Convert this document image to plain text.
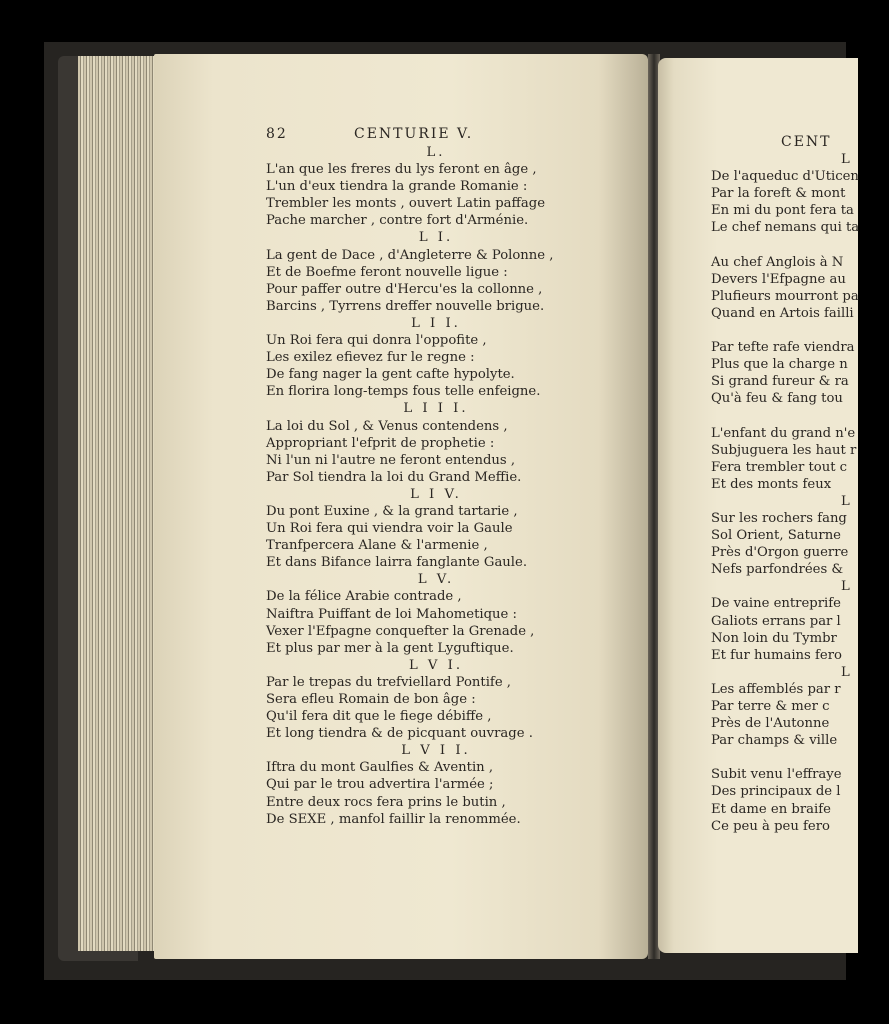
82	CENTURIE V.
L.
L'an que les freres du lys feront en âge ,
L'un d'eux tiendra la grande Romanie :
Trembler les monts , ouvert Latin paffage
Pache marcher , contre fort d'Arménie.
L I.
La gent de Dace , d'Angleterre & Polonne ,
Et de Boefme feront nouvelle ligue :
Pour paffer outre d'Hercu'es la collonne ,
Barcins , Tyrrens dreffer nouvelle brigue.
L I I.
Un Roi fera qui donra l'oppofite ,
Les exilez efievez fur le regne :
De fang nager la gent cafte hypolyte.
En florira long-temps fous telle enfeigne.
L I I I.
La loi du Sol , & Venus contendens ,
Appropriant l'efprit de prophetie :
Ni l'un ni l'autre ne feront entendus ,
Par Sol tiendra la loi du Grand Meffie.
L I V.
Du pont Euxine , & la grand tartarie ,
Un Roi fera qui viendra voir la Gaule
Tranfpercera Alane & l'armenie ,
Et dans Bifance lairra fanglante Gaule.
L V.
De la félice Arabie contrade ,
Naiftra Puiffant de loi Mahometique :
Vexer l'Efpagne conquefter la Grenade ,
Et plus par mer à la gent Lyguftique.
L V I.
Par le trepas du trefviellard Pontife ,
Sera efleu Romain de bon âge :
Qu'il fera dit que le fiege débiffe ,
Et long tiendra & de picquant ouvrage .
L V I I.
Iftra du mont Gaulfies & Aventin ,
Qui par le trou advertira l'armée ;
Entre deux rocs fera prins le butin ,
De SEXE , manfol faillir la renommée.
CENT
L
De l'aqueduc d'Uticen
Par la foreft & mont
En mi du pont fera ta
Le chef nemans qui ta
Au chef Anglois à N
Devers l'Efpagne au
Plufieurs mourront pa
Quand en Artois failli
Par tefte rafe viendra
Plus que la charge n
Si grand fureur & ra
Qu'à feu & fang tou
L'enfant du grand n'e
Subjuguera les haut r
Fera trembler tout c
Et des monts feux
L
Sur les rochers fang
Sol Orient, Saturne
Près d'Orgon guerre
Nefs parfondrées &
L
De vaine entreprife
Galiots errans par l
Non loin du Tymbr
Et fur humains fero
L
Les affemblés par r
Par terre & mer c
Près de l'Autonne
Par champs & ville
Subit venu l'effraye
Des principaux de l
Et dame en braife
Ce peu à peu fero
